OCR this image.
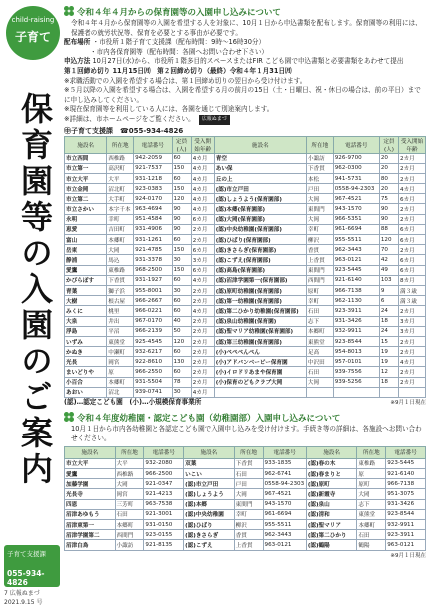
child-raising
子育て
保育園等の入園のご案内
子育て支援課
055-934-4826
7 広報ぬまづ 2021.9.15 号
令和４年４月からの保育園等の入園申し込みについて
令和４年４月から保育園等の入園を希望する人を対象に、10月１日から申込書類を配布します。保育園等の利用には、保護者の就労状況等、保育を必要とする事由が必要です。
配布場所 ・市役所１階子育て支援課（配布時間：9時～16時30分）
・市内各保育園等（配布時間：各園へお問い合わせ下さい）
申込方法 10月27日(水)から、市役所１階多目的スペースまたはFIR こども園で申込書類と必要書類をあわせて提出
第１回締め切り 11月15日㈪　第２回締め切り（最終）令和４年１月31日㈪
※求職活動での入園を希望する場合は、第１回締め切りの翌日から受け付けます。
※５月以降の入園を希望する場合は、入園を希望する月の前月の15日（土・日曜日、祝・休日の場合は、前の平日）までに申し込みしてください。
※現在保育園等を利用している人には、各園を通じて別途案内します。
※詳細は、市ホームページをご覧ください。 広報ぬまづ
㊥子育て支援課　☎055-934-4826
施設名	所在地	電話番号	定員(人)	受入開始年齢	施設名	所在地	電話番号	定員(人)	受入開始年齢
市立西間	西椎路	942-2059	60	4カ月	青空	小諏訪	926-9700	20	2カ月
市立第一	高沢町	921-7537	150	4カ月	あい保	下香貫	962-0300	20	2カ月
市立大平	大平	931-1218	60	4カ月	丘の上	本松	941-5731	80	2カ月
市立金岡	沼北町	923-0383	150	4カ月	(認)市立戸田	戸田	0558-94-2303	20	4カ月
市立第二	大手町	924-0170	120	4カ月	(認)しょうよう(保育園部)	大岡	967-4521	75	6カ月
市立さかい	本字千本	963-4694	90	4カ月	(認)本郷(保育園部)	東間門	943-1570	90	2カ月
永明	幸町	951-4584	90	6カ月	(認)大岡(保育園部)	大岡	966-5351	90	2カ月
恵愛	吉田町	931-4906	90	2カ月	(認)中央幼稚園(保育園部)	幸町	961-6694	88	6カ月
富山	本郷町	931-1261	60	2カ月	(認)ひばり(保育園部)	柳沢	955-5511	120	6カ月
岳東	大岡	921-4785	150	6カ月	(認)きさらぎ(保育園部)	香貫	962-3443	70	2カ月
静浦	馬込	931-3378	30	3カ月	(認)こずえ(保育園部)	上香貫	963-0121	42	6カ月
愛鷹	東椎路	968-2500	150	6カ月	(認)高島(保育園部)	東間門	923-5445	49	6カ月
かぴらぽす	下香貫	931-1927	60	4カ月	(認)沼津学園第一(保育園部)	西間門	921-6140	103	8カ月
青葉	獅子浜	955-8001	30	2カ月	(認)原町幼稚園(保育園部)	原町	966-7138	9	満３歳
大樹	根古屋	966-2667	60	2カ月	(認)第一幼稚園(保育園部)	幸町	962-1130	6	満３歳
みくに	桃里	966-0221	60	4カ月	(認)第二ひかり幼稚園(保育園部)	石田	923-3911	24	2カ月
大泉	井出	967-0170	40	2カ月	(認)泉山幼稚園(保育園)	志下	931-3426	18	3カ月
浮島	平沼	966-2139	50	2カ月	(認)聖マリア幼稚園(保育園部)	本郷町	932-9911	24	3カ月
いずみ	東熊堂	925-4545	120	2カ月	(認)第三幼稚園(保育園部)	東熊堂	923-8544	15	2カ月
かぬき	中瀬町	932-6217	60	2カ月	(小)ぺぺぺんぺん	足高	954-8013	19	2カ月
光長	岡宮	922-8610	130	2カ月	(小)アドバンベービー保育園	中沢田	957-0101	19	4カ月
まいどりや	原	966-2550	60	2カ月	(小)イロドリあまや保育園	石田	939-7556	12	2カ月
小百合	本郷町	931-5504	78	2カ月	(小)保育のどもクラブ大岡	大岡	939-5256	18	2カ月
あおい	沼北	939-0741	30	4カ月					
※9月１日現在
(認)…認定こども園　(小)…小規模保育事業所
令和４年度幼稚園・認定こども園（幼稚園部）入園申し込みについて
10月１日から市内各幼稚園と各認定こども園で入園申し込みを受け付けます。手続き等の詳細は、各施設へお問い合わせください。
施設名	所在地	電話番号	施設名	所在地	電話番号	施設名	所在地	電話番号
市立大平	大平	932-2080	双葉	下香貫	933-1835	(認)春の木	東椎路	923-5445
愛鷹	西椎路	966-2500	いこい	石田	962-6741	(認)春まりと	原	921-6140
加藤学園	大岡	921-0347	(認)市立戸田	戸田	0558-94-2303	(認)原町	原町	966-7138
光長寺	岡宮	921-4213	(認)しょうよう	大岡	967-4521	(認)新霞寺	大岡	951-3075
四恩	三芳町	963-7538	(認)本郷	東間門	943-1570	(認)泉山	志下	931-3426
沼津あゆもう	石田	921-3001	(認)中央幼稚園	幸町	961-6694	(認)清和	東熊堂	923-8544
沼津東第一	本郷町	931-0150	(認)ひばり	柳沢	955-5511	(認)聖マリア	本郷町	932-9911
沼津学園第二	西間門	923-0155	(認)きさらぎ	香貫	962-3443	(認)第二ひかり	石田	923-3911
沼津白鳥	小諏訪	921-8135	(認)こずえ	上香貫	963-0121	(認)鶴陽	鶴陽	963-0121
※9月１日現在
